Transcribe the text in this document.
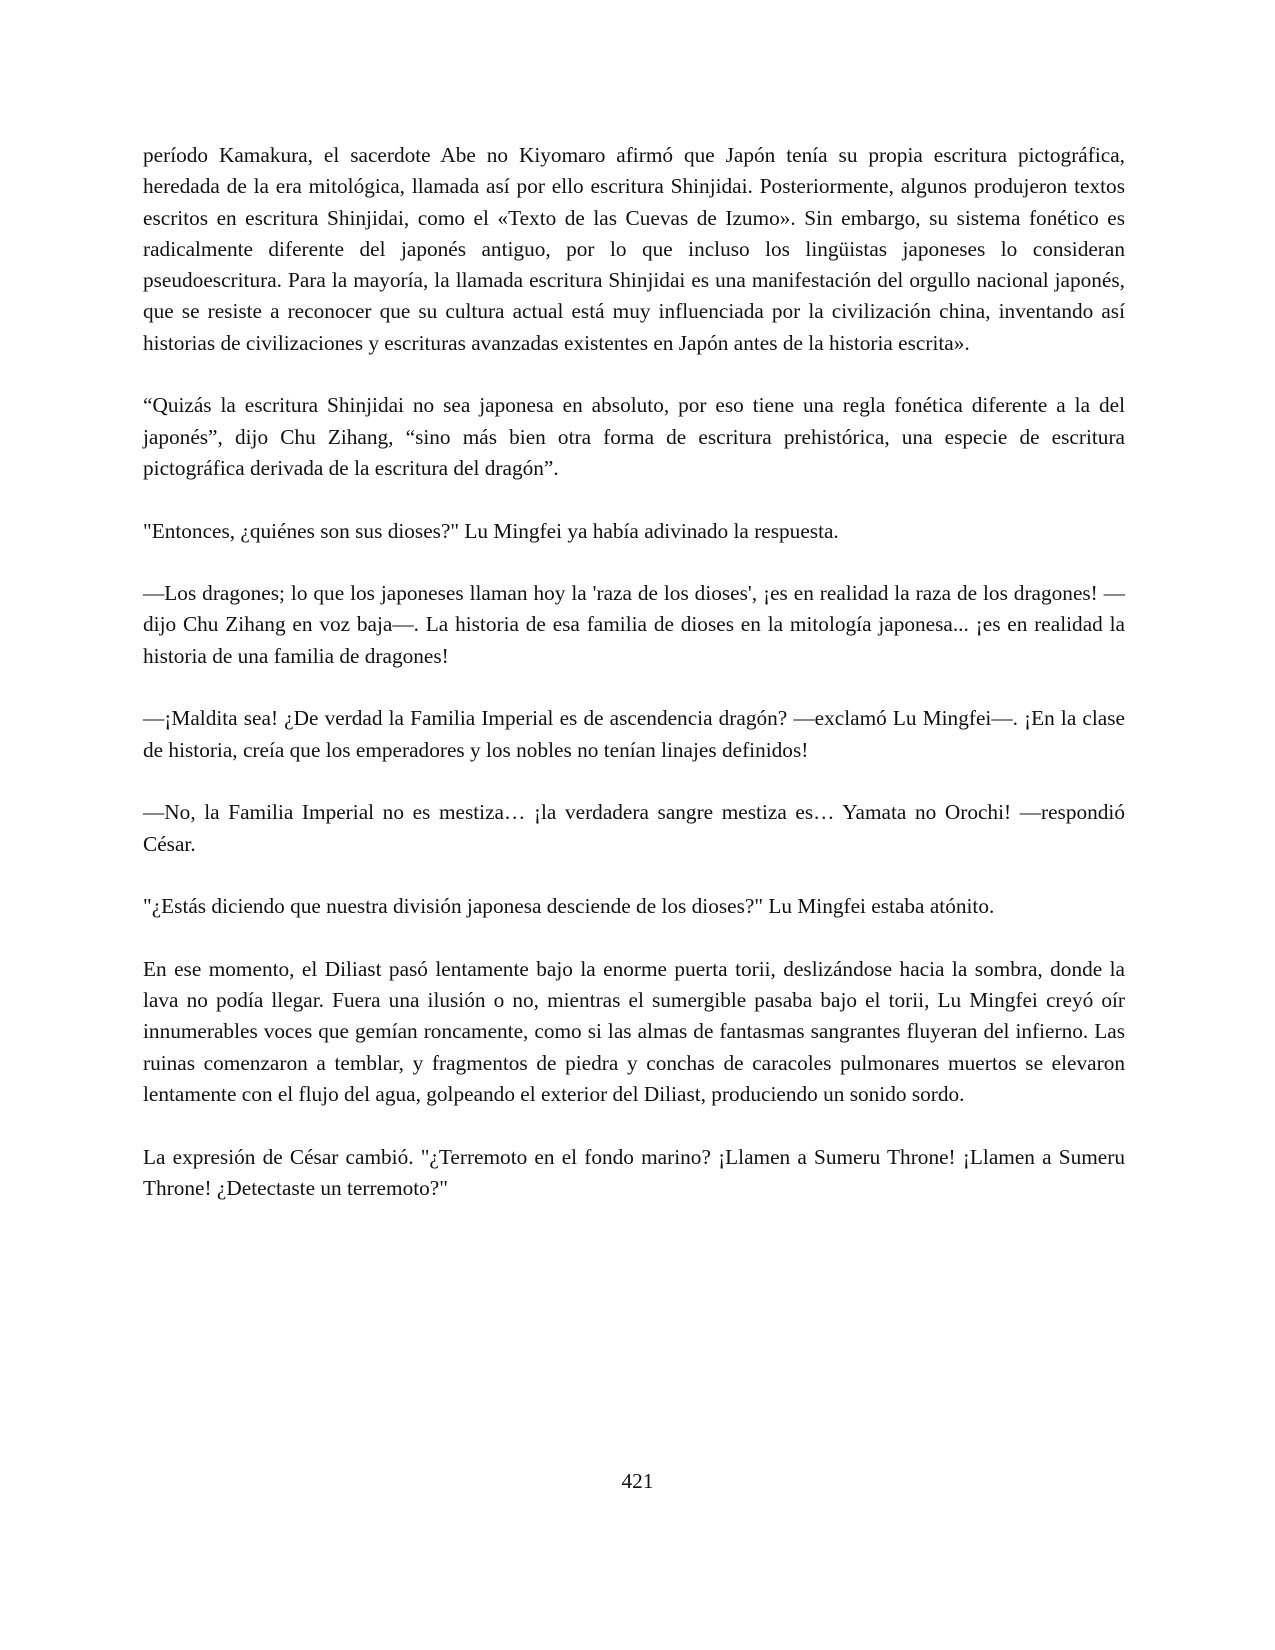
período Kamakura, el sacerdote Abe no Kiyomaro afirmó que Japón tenía su propia escritura pictográfica, heredada de la era mitológica, llamada así por ello escritura Shinjidai. Posteriormente, algunos produjeron textos escritos en escritura Shinjidai, como el «Texto de las Cuevas de Izumo». Sin embargo, su sistema fonético es radicalmente diferente del japonés antiguo, por lo que incluso los lingüistas japoneses lo consideran pseudoescritura. Para la mayoría, la llamada escritura Shinjidai es una manifestación del orgullo nacional japonés, que se resiste a reconocer que su cultura actual está muy influenciada por la civilización china, inventando así historias de civilizaciones y escrituras avanzadas existentes en Japón antes de la historia escrita».

“Quizás la escritura Shinjidai no sea japonesa en absoluto, por eso tiene una regla fonética diferente a la del japonés”, dijo Chu Zihang, “sino más bien otra forma de escritura prehistórica, una especie de escritura pictográfica derivada de la escritura del dragón”.

"Entonces, ¿quiénes son sus dioses?" Lu Mingfei ya había adivinado la respuesta.

—Los dragones; lo que los japoneses llaman hoy la 'raza de los dioses', ¡es en realidad la raza de los dragones! —dijo Chu Zihang en voz baja—. La historia de esa familia de dioses en la mitología japonesa... ¡es en realidad la historia de una familia de dragones!

—¡Maldita sea! ¿De verdad la Familia Imperial es de ascendencia dragón? —exclamó Lu Mingfei—. ¡En la clase de historia, creía que los emperadores y los nobles no tenían linajes definidos!

—No, la Familia Imperial no es mestiza… ¡la verdadera sangre mestiza es… Yamata no Orochi! —respondió César.

"¿Estás diciendo que nuestra división japonesa desciende de los dioses?" Lu Mingfei estaba atónito.

En ese momento, el Diliast pasó lentamente bajo la enorme puerta torii, deslizándose hacia la sombra, donde la lava no podía llegar. Fuera una ilusión o no, mientras el sumergible pasaba bajo el torii, Lu Mingfei creyó oír innumerables voces que gemían roncamente, como si las almas de fantasmas sangrantes fluyeran del infierno. Las ruinas comenzaron a temblar, y fragmentos de piedra y conchas de caracoles pulmonares muertos se elevaron lentamente con el flujo del agua, golpeando el exterior del Diliast, produciendo un sonido sordo.

La expresión de César cambió. "¿Terremoto en el fondo marino? ¡Llamen a Sumeru Throne! ¡Llamen a Sumeru Throne! ¿Detectaste un terremoto?"

421
